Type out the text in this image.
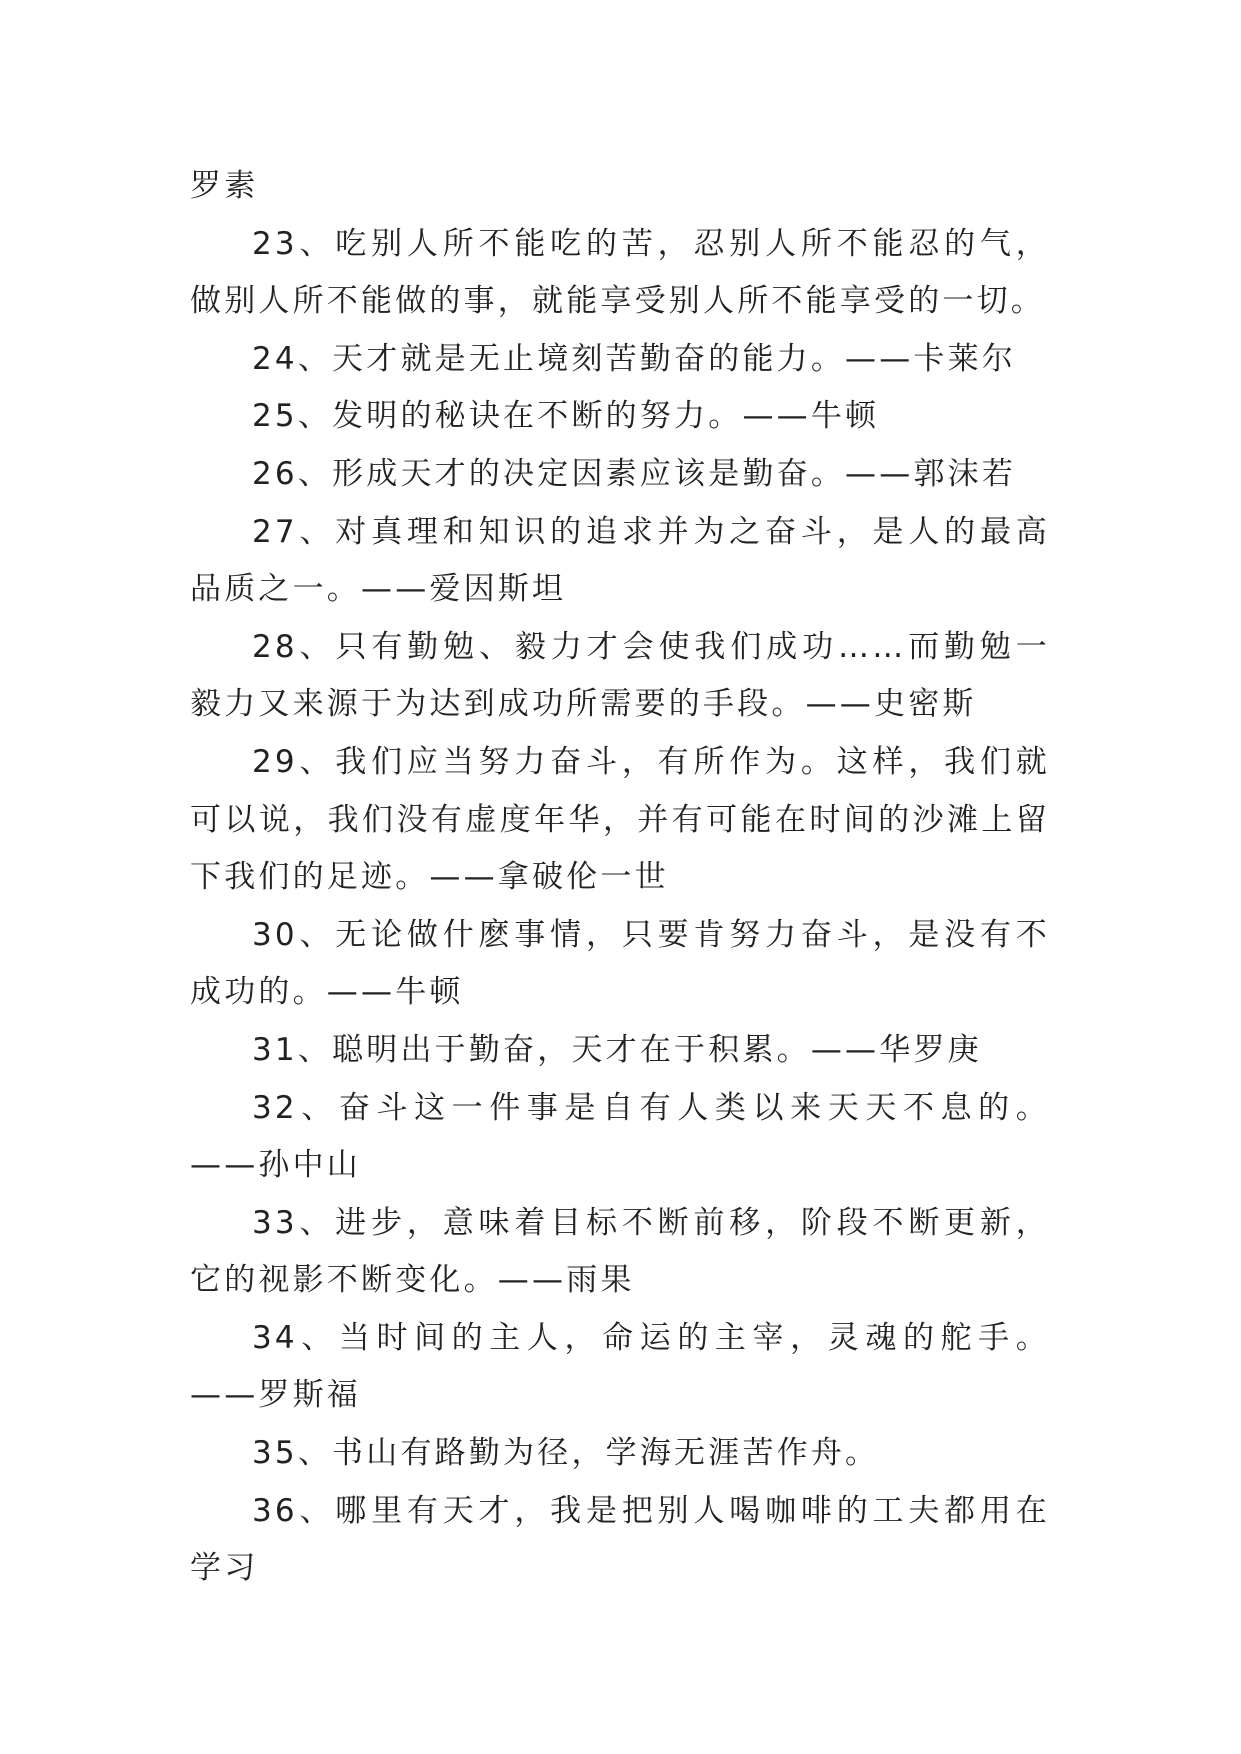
罗素

23、吃别人所不能吃的苦，忍别人所不能忍的气，做别人所不能做的事，就能享受别人所不能享受的一切。

24、天才就是无止境刻苦勤奋的能力。——卡莱尔

25、发明的秘诀在不断的努力。——牛顿

26、形成天才的决定因素应该是勤奋。——郭沫若

27、对真理和知识的追求并为之奋斗，是人的最高品质之一。——爱因斯坦

28、只有勤勉、毅力才会使我们成功……而勤勉一毅力又来源于为达到成功所需要的手段。——史密斯

29、我们应当努力奋斗，有所作为。这样，我们就可以说，我们没有虚度年华，并有可能在时间的沙滩上留下我们的足迹。——拿破伦一世

30、无论做什麽事情，只要肯努力奋斗，是没有不成功的。——牛顿

31、聪明出于勤奋，天才在于积累。——华罗庚

32、奋斗这一件事是自有人类以来天天不息的。——孙中山

33、进步，意味着目标不断前移，阶段不断更新，它的视影不断变化。——雨果

34、当时间的主人，命运的主宰，灵魂的舵手。——罗斯福

35、书山有路勤为径，学海无涯苦作舟。

36、哪里有天才，我是把别人喝咖啡的工夫都用在学习
